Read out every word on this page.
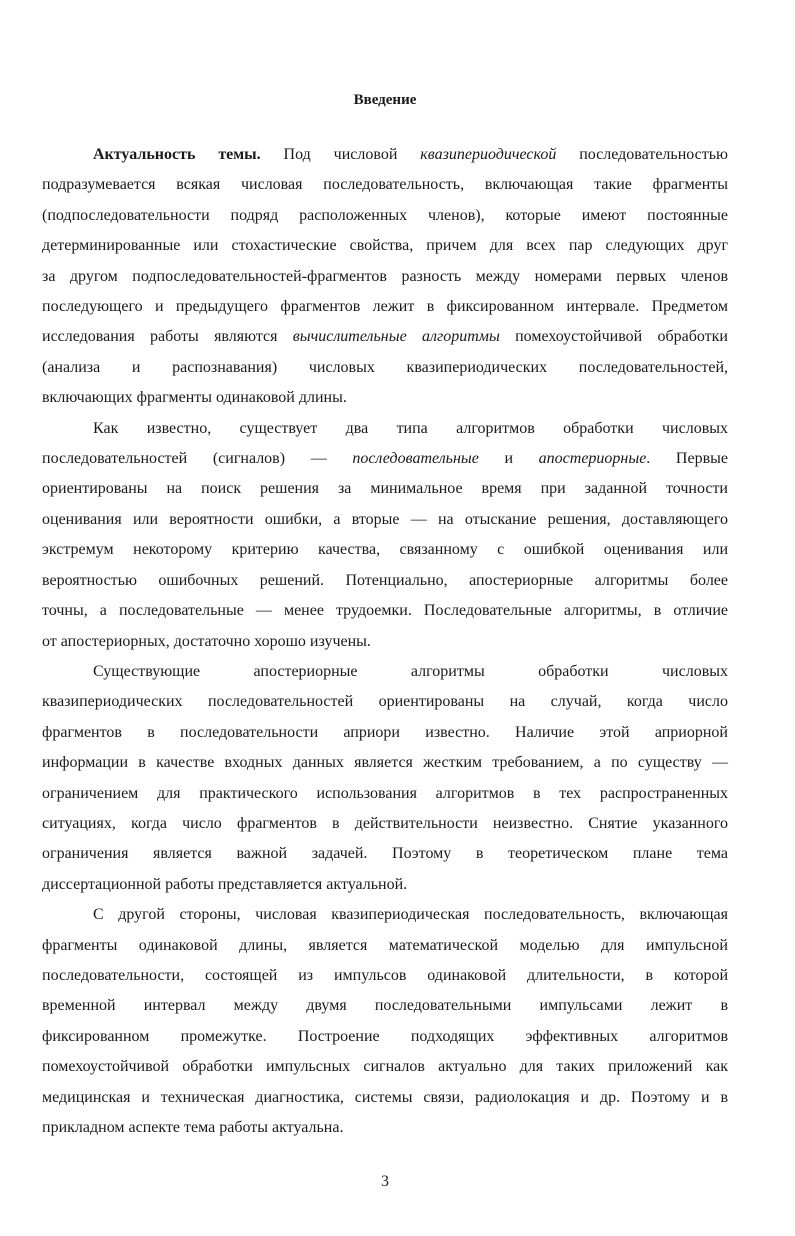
Введение
Актуальность темы. Под числовой квазипериодической последовательностью
подразумевается всякая числовая последовательность, включающая такие фрагменты
(подпоследовательности подряд расположенных членов), которые имеют постоянные
детерминированные или стохастические свойства, причем для всех пар следующих друг
за другом подпоследовательностей-фрагментов разность между номерами первых членов
последующего и предыдущего фрагментов лежит в фиксированном интервале. Предметом
исследования работы являются вычислительные алгоритмы помехоустойчивой обработки
(анализа и распознавания) числовых квазипериодических последовательностей,
включающих фрагменты одинаковой длины.
Как известно, существует два типа алгоритмов обработки числовых
последовательностей (сигналов) — последовательные и апостериорные. Первые
ориентированы на поиск решения за минимальное время при заданной точности
оценивания или вероятности ошибки, а вторые — на отыскание решения, доставляющего
экстремум некоторому критерию качества, связанному с ошибкой оценивания или
вероятностью ошибочных решений. Потенциально, апостериорные алгоритмы более
точны, а последовательные — менее трудоемки. Последовательные алгоритмы, в отличие
от апостериорных, достаточно хорошо изучены.
Существующие апостериорные алгоритмы обработки числовых
квазипериодических последовательностей ориентированы на случай, когда число
фрагментов в последовательности априори известно. Наличие этой априорной
информации в качестве входных данных является жестким требованием, а по существу —
ограничением для практического использования алгоритмов в тех распространенных
ситуациях, когда число фрагментов в действительности неизвестно. Снятие указанного
ограничения является важной задачей. Поэтому в теоретическом плане тема
диссертационной работы представляется актуальной.
С другой стороны, числовая квазипериодическая последовательность, включающая
фрагменты одинаковой длины, является математической моделью для импульсной
последовательности, состоящей из импульсов одинаковой длительности, в которой
временной интервал между двумя последовательными импульсами лежит в
фиксированном промежутке. Построение подходящих эффективных алгоритмов
помехоустойчивой обработки импульсных сигналов актуально для таких приложений как
медицинская и техническая диагностика, системы связи, радиолокация и др. Поэтому и в
прикладном аспекте тема работы актуальна.
3
